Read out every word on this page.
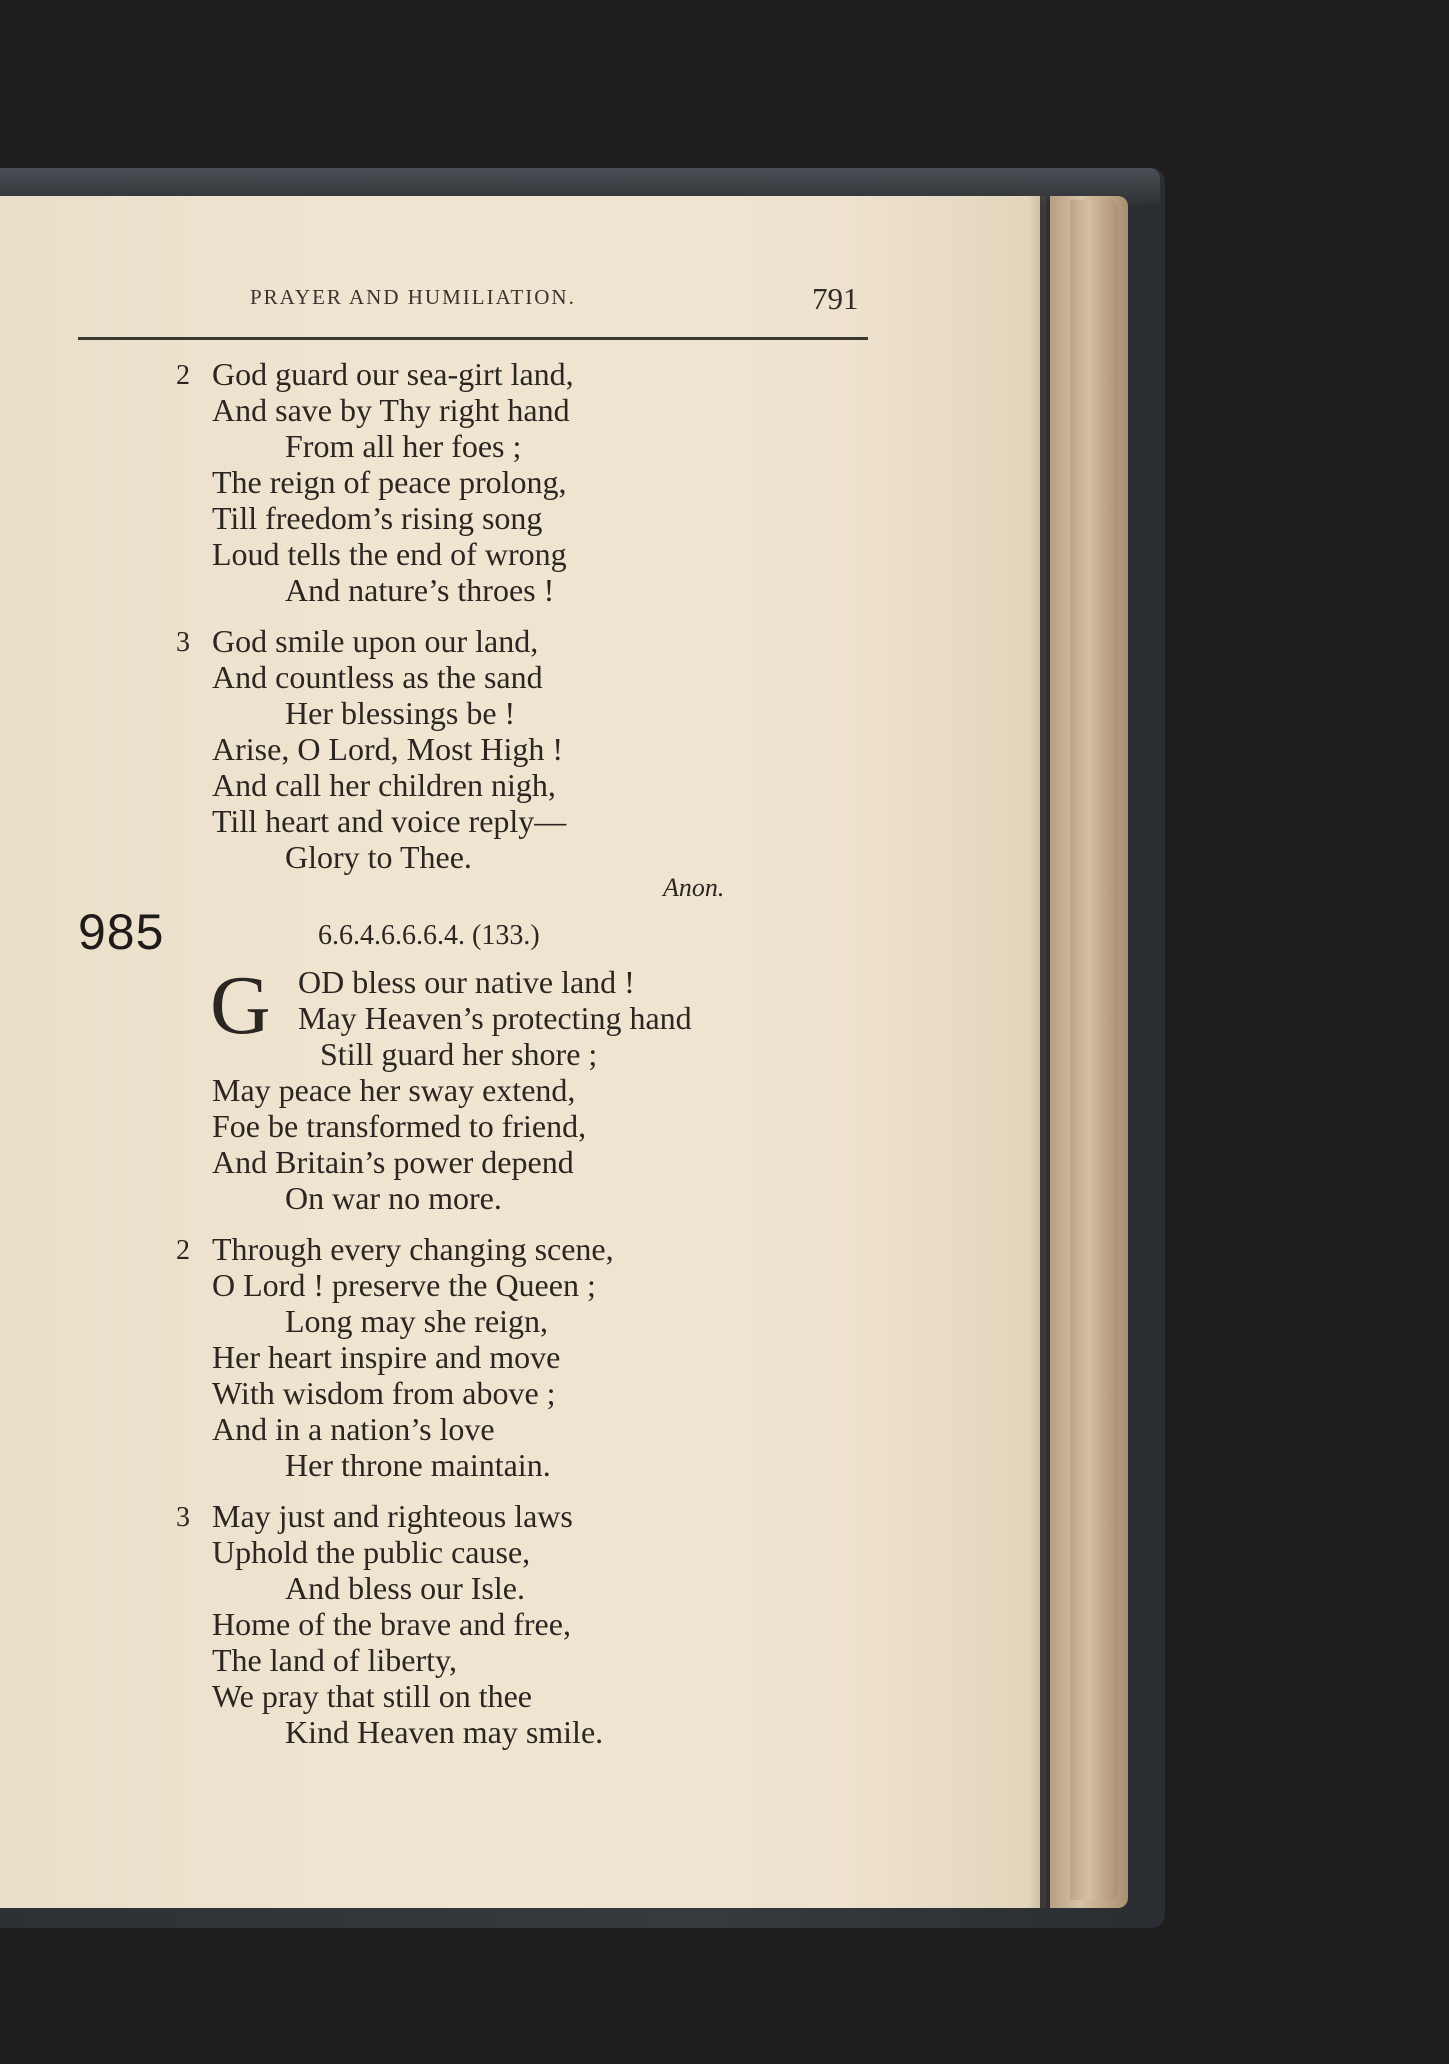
PRAYER AND HUMILIATION.	791
2 God guard our sea-girt land,
And save by Thy right hand
From all her foes ;
The reign of peace prolong,
Till freedom’s rising song
Loud tells the end of wrong
And nature’s throes !
3 God smile upon our land,
And countless as the sand
Her blessings be !
Arise, O Lord, Most High !
And call her children nigh,
Till heart and voice reply—
Glory to Thee.
Anon.
985	6.6.4.6.6.6.4. (133.)
G OD bless our native land !
May Heaven’s protecting hand
Still guard her shore ;
May peace her sway extend,
Foe be transformed to friend,
And Britain’s power depend
On war no more.
2 Through every changing scene,
O Lord ! preserve the Queen ;
Long may she reign,
Her heart inspire and move
With wisdom from above ;
And in a nation’s love
Her throne maintain.
3 May just and righteous laws
Uphold the public cause,
And bless our Isle.
Home of the brave and free,
The land of liberty,
We pray that still on thee
Kind Heaven may smile.
